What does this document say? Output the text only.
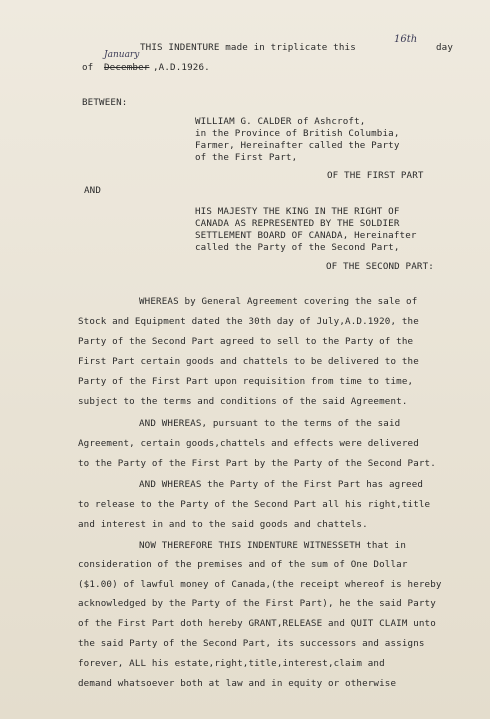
THIS INDENTURE made in triplicate this
16th
day
of
January
December ,A.D.1926.
BETWEEN:
WILLIAM G. CALDER of Ashcroft,
in the Province of British Columbia,
Farmer, Hereinafter called the Party
of the First Part,
OF THE FIRST PART
AND
HIS MAJESTY THE KING IN THE RIGHT OF
CANADA AS REPRESENTED BY THE SOLDIER
SETTLEMENT BOARD OF CANADA, Hereinafter
called the Party of the Second Part,
OF THE SECOND PART:
WHEREAS by General Agreement covering the sale of
Stock and Equipment dated the 30th day of July,A.D.1920, the
Party of the Second Part agreed to sell to the Party of the
First Part certain goods and chattels to be delivered to the
Party of the First Part upon requisition from time to time,
subject to the terms and conditions of the said Agreement.
AND WHEREAS, pursuant to the terms of the said
Agreement, certain goods,chattels and effects were delivered
to the Party of the First Part by the Party of the Second Part.
AND WHEREAS the Party of the First Part has agreed
to release to the Party of the Second Part all his right,title
and interest in and to the said goods and chattels.
NOW THEREFORE THIS INDENTURE WITNESSETH that in
consideration of the premises and of the sum of One Dollar
($1.00) of lawful money of Canada,(the receipt whereof is hereby
acknowledged by the Party of the First Part), he the said Party
of the First Part doth hereby GRANT,RELEASE and QUIT CLAIM unto
the said Party of the Second Part, its successors and assigns
forever, ALL his estate,right,title,interest,claim and
demand whatsoever both at law and in equity or otherwise
